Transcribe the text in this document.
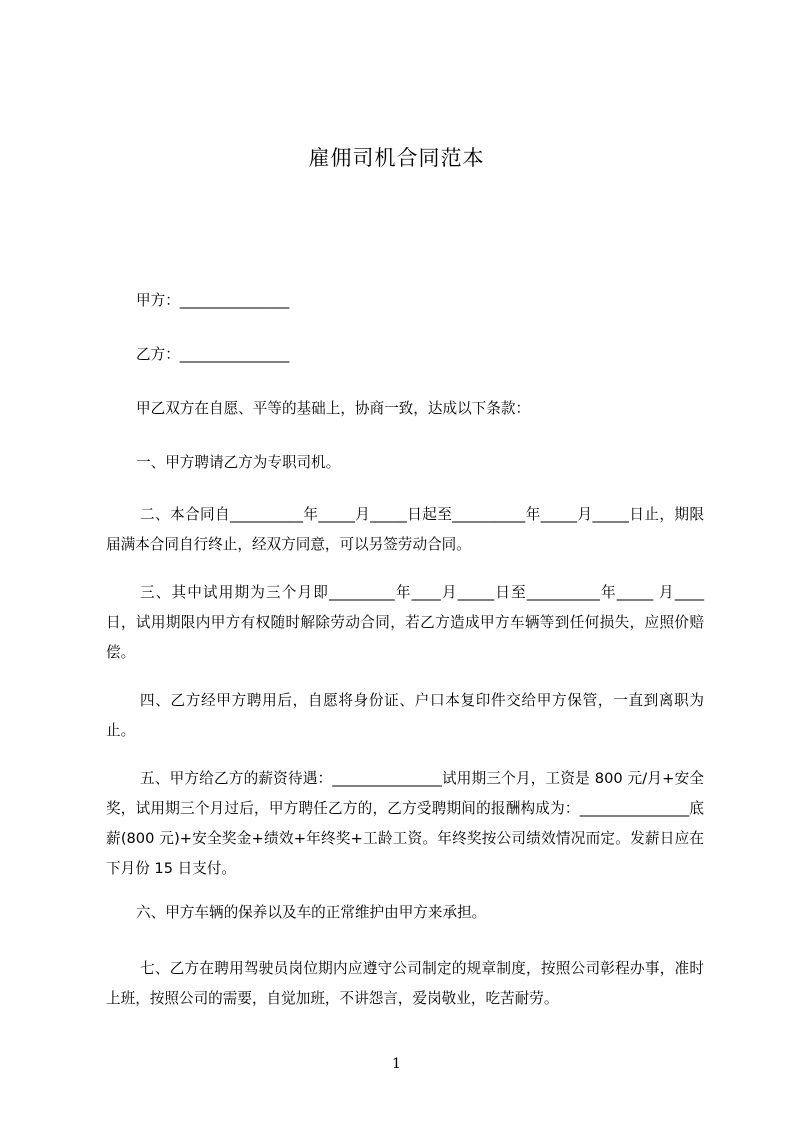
雇佣司机合同范本

甲方：_______________

乙方：_______________

甲乙双方在自愿、平等的基础上，协商一致，达成以下条款：

一、甲方聘请乙方为专职司机。

二、本合同自__________年_____月_____日起至__________年_____月_____日止，期限届满本合同自行终止，经双方同意，可以另签劳动合同。

三、其中试用期为三个月即_________年____月_____日至__________年_____ 月____日，试用期限内甲方有权随时解除劳动合同，若乙方造成甲方车辆等到任何损失，应照价赔偿。

四、乙方经甲方聘用后，自愿将身份证、户口本复印件交给甲方保管，一直到离职为止。

五、甲方给乙方的薪资待遇：_______________试用期三个月，工资是 800 元/月+安全奖，试用期三个月过后，甲方聘任乙方的，乙方受聘期间的报酬构成为：_______________底薪(800 元)+安全奖金+绩效+年终奖+工龄工资。年终奖按公司绩效情况而定。发薪日应在下月份 15 日支付。

六、甲方车辆的保养以及车的正常维护由甲方来承担。

七、乙方在聘用驾驶员岗位期内应遵守公司制定的规章制度，按照公司彰程办事，准时上班，按照公司的需要，自觉加班，不讲怨言，爱岗敬业，吃苦耐劳。

1
